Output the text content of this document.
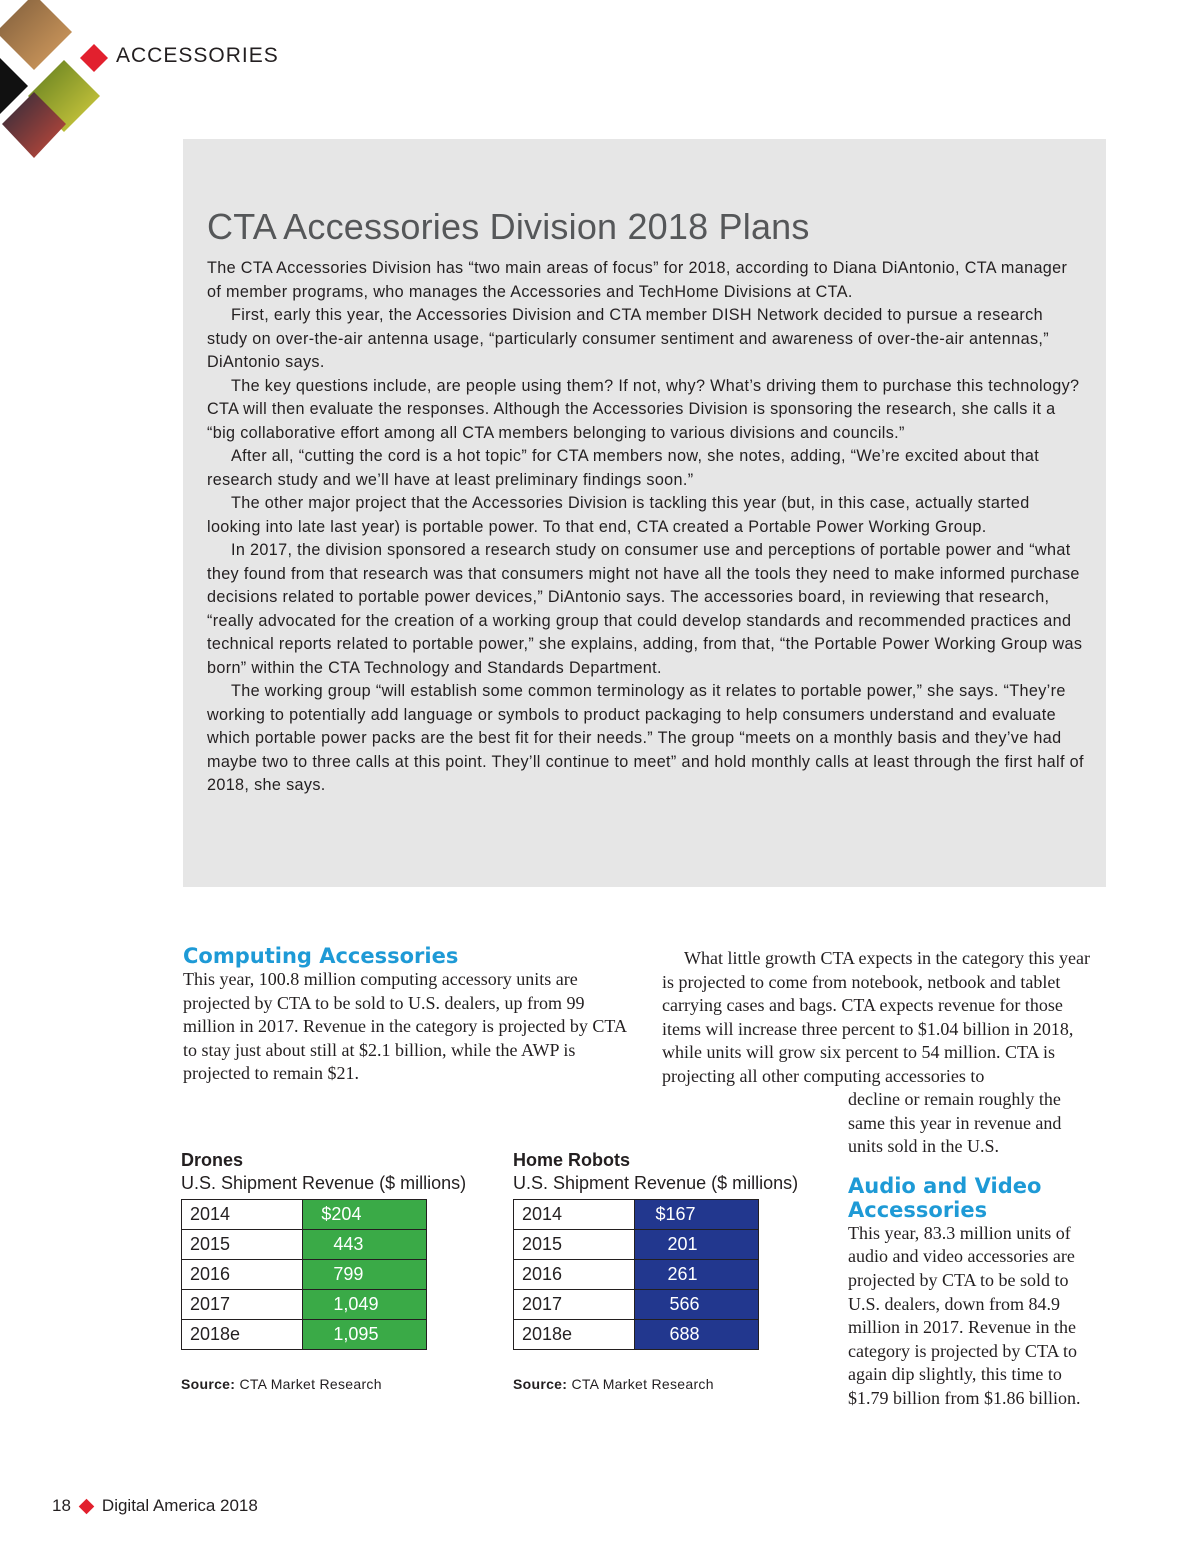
ACCESSORIES
CTA Accessories Division 2018 Plans

The CTA Accessories Division has “two main areas of focus” for 2018, according to Diana DiAntonio, CTA manager of member programs, who manages the Accessories and TechHome Divisions at CTA.

First, early this year, the Accessories Division and CTA member DISH Network decided to pursue a research study on over-the-air antenna usage, “particularly consumer sentiment and awareness of over-the-air antennas,” DiAntonio says.

The key questions include, are people using them? If not, why? What’s driving them to purchase this technology? CTA will then evaluate the responses. Although the Accessories Division is sponsoring the research, she calls it a “big collaborative effort among all CTA members belonging to various divisions and councils.”

After all, “cutting the cord is a hot topic” for CTA members now, she notes, adding, “We’re excited about that research study and we’ll have at least preliminary findings soon.”

The other major project that the Accessories Division is tackling this year (but, in this case, actually started looking into late last year) is portable power. To that end, CTA created a Portable Power Working Group.

In 2017, the division sponsored a research study on consumer use and perceptions of portable power and “what they found from that research was that consumers might not have all the tools they need to make informed purchase decisions related to portable power devices,” DiAntonio says. The accessories board, in reviewing that research, “really advocated for the creation of a working group that could develop standards and recommended practices and technical reports related to portable power,” she explains, adding, from that, “the Portable Power Working Group was born” within the CTA Technology and Standards Department.

The working group “will establish some common terminology as it relates to portable power,” she says. “They’re working to potentially add language or symbols to product packaging to help consumers understand and evaluate which portable power packs are the best fit for their needs.” The group “meets on a monthly basis and they’ve had maybe two to three calls at this point. They’ll continue to meet” and hold monthly calls at least through the first half of 2018, she says.

Computing Accessories

This year, 100.8 million computing accessory units are projected by CTA to be sold to U.S. dealers, up from 99 million in 2017. Revenue in the category is projected by CTA to stay just about still at $2.1 billion, while the AWP is projected to remain $21.

What little growth CTA expects in the category this year is projected to come from notebook, netbook and tablet carrying cases and bags. CTA expects revenue for those items will increase three percent to $1.04 billion in 2018, while units will grow six percent to 54 million. CTA is projecting all other computing accessories to

decline or remain roughly the same this year in revenue and units sold in the U.S.

Audio and Video Accessories

This year, 83.3 million units of audio and video accessories are projected by CTA to be sold to U.S. dealers, down from 84.9 million in 2017. Revenue in the category is projected by CTA to again dip slightly, this time to $1.79 billion from $1.86 billion.

Drones
U.S. Shipment Revenue ($ millions)
2014	$204
2015	443
2016	799
2017	1,049
2018e	1,095
Source: CTA Market Research
Home Robots
U.S. Shipment Revenue ($ millions)
2014	$167
2015	201
2016	261
2017	566
2018e	688
Source: CTA Market Research
18 Digital America 2018
